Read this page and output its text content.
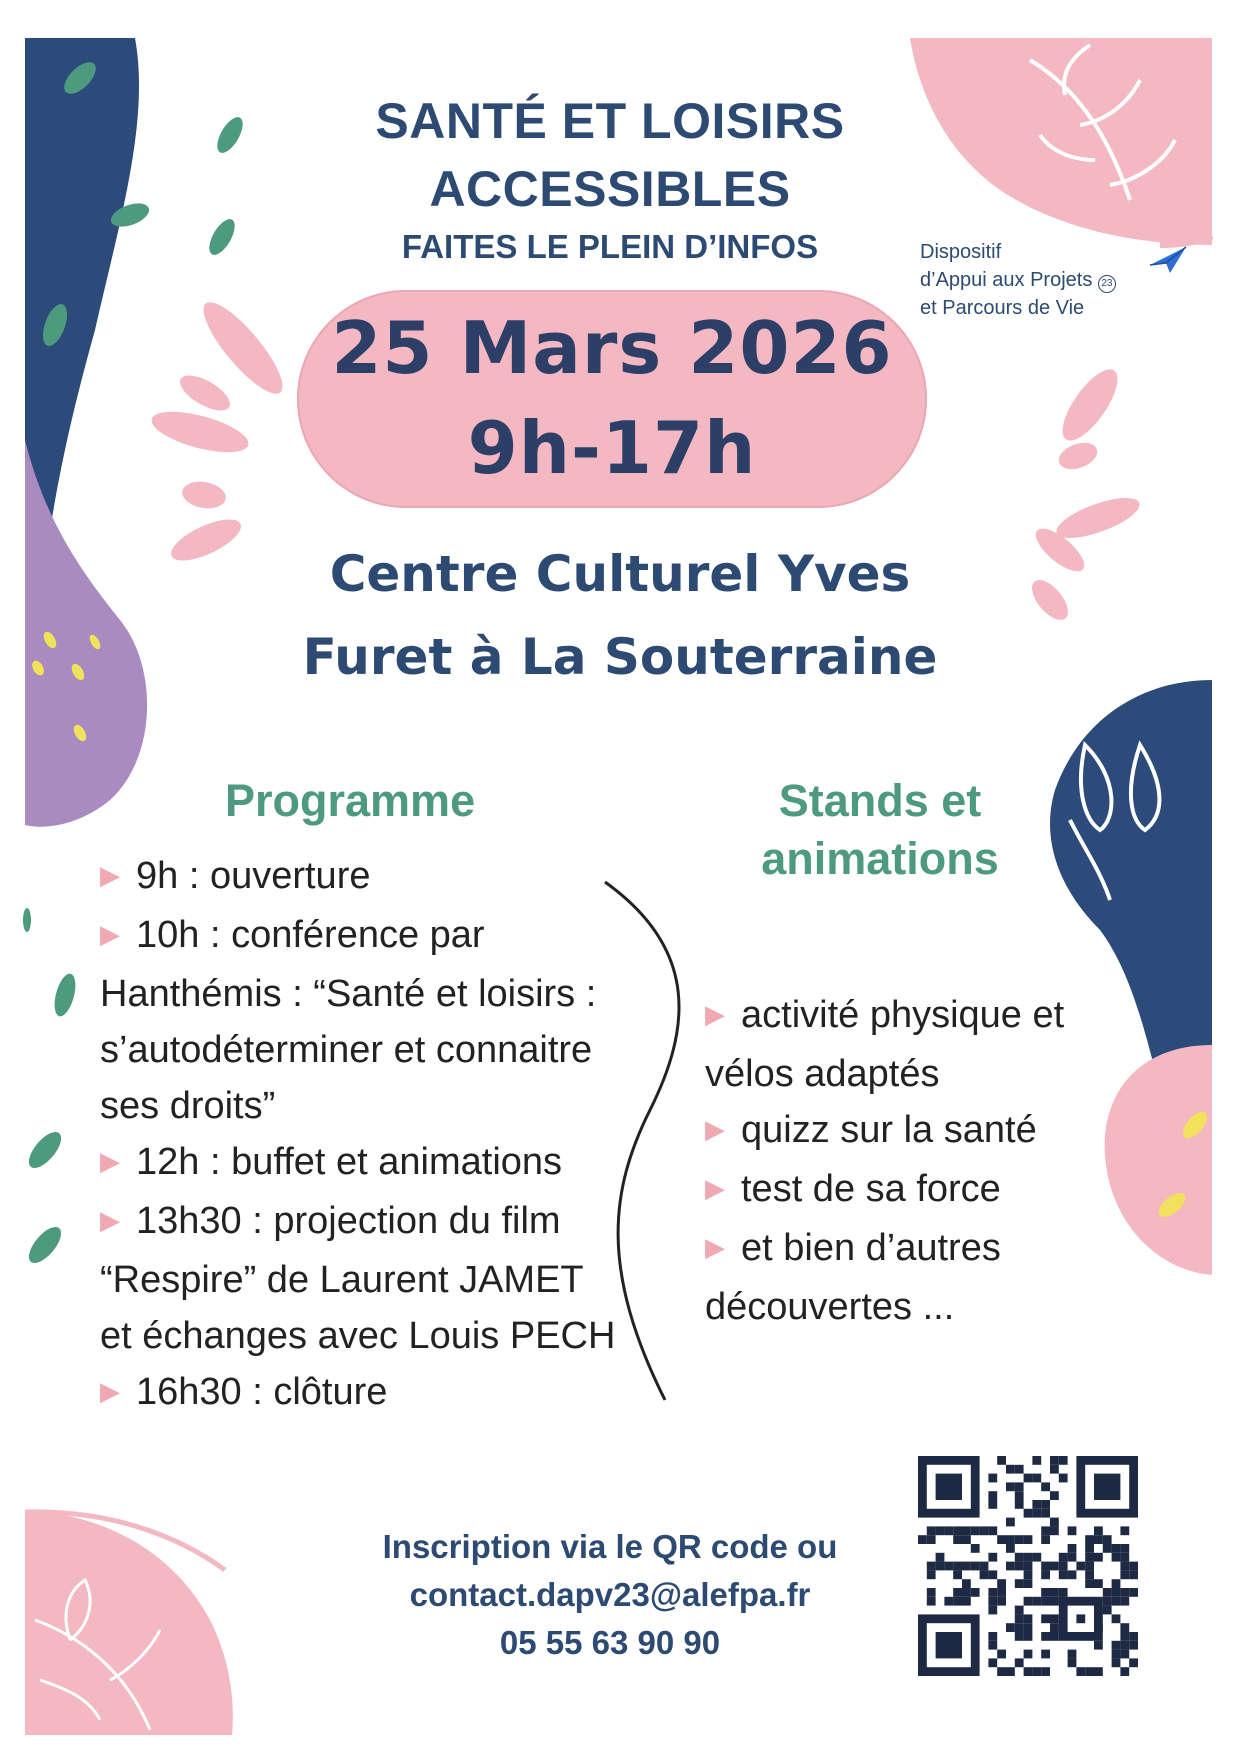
SANTÉ ET LOISIRS
ACCESSIBLES
FAITES LE PLEIN D’INFOS	Dispositif
d’Appui aux Projets 23
et Parcours de Vie
25 Mars 2026
9h-17h
Centre Culturel Yves
Furet à La Souterraine
Programme

▶ 9h : ouverture

▶ 10h : conférence par Hanthémis : “Santé et loisirs : s’autodéterminer et connaitre ses droits”

▶ 12h : buffet et animations

▶ 13h30 : projection du film “Respire” de Laurent JAMET et échanges avec Louis PECH

▶ 16h30 : clôture

Stands et
animations

▶ activité physique et vélos adaptés

▶ quizz sur la santé

▶ test de sa force

▶ et bien d’autres découvertes ...

Inscription via le QR code ou
contact.dapv23@alefpa.fr
05 55 63 90 90
